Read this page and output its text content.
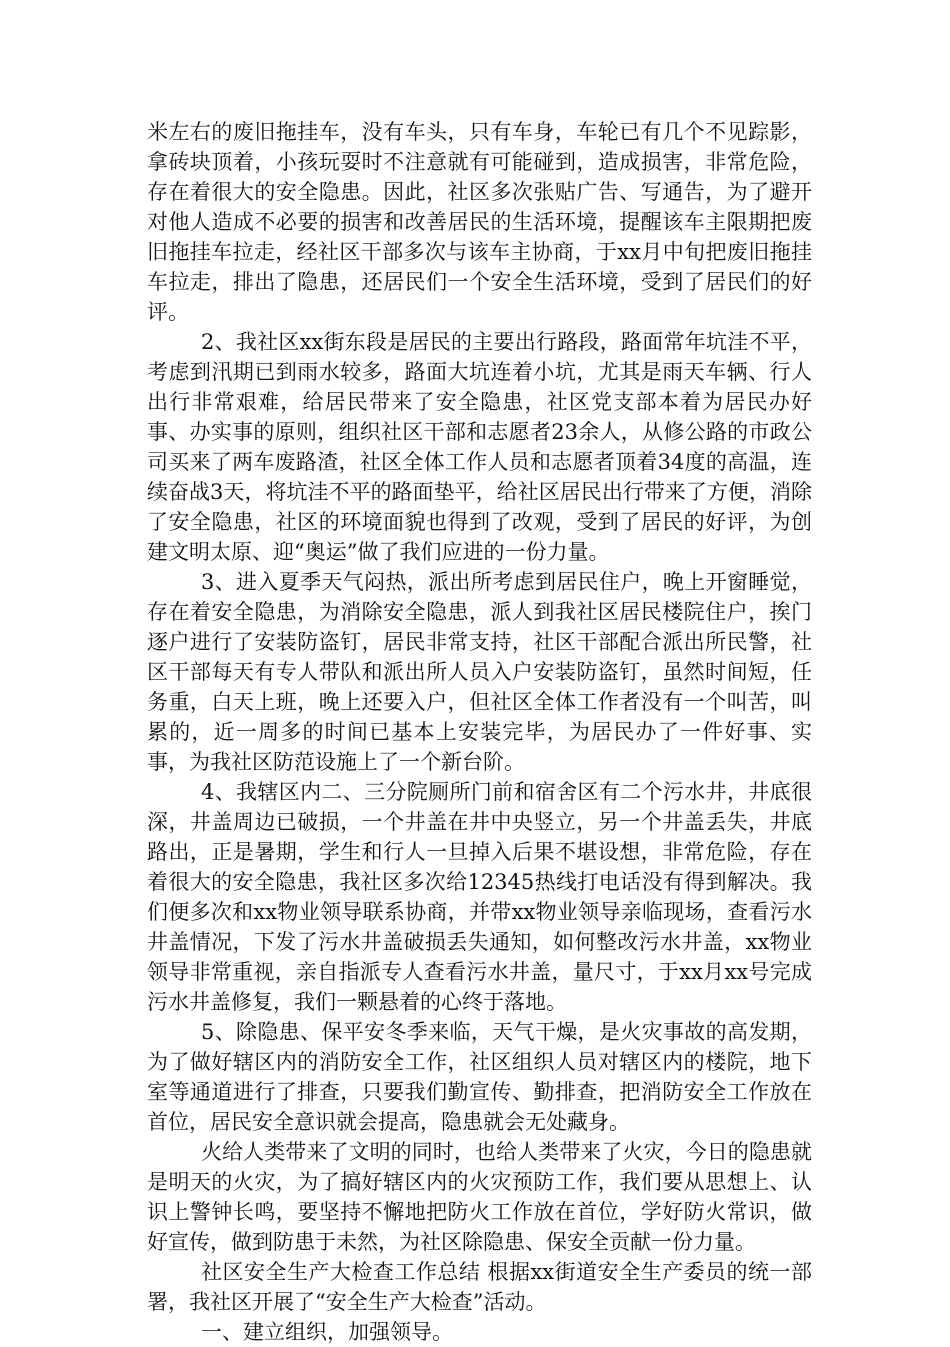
米左右的废旧拖挂车，没有车头，只有车身，车轮已有几个不见踪影，拿砖块顶着，小孩玩耍时不注意就有可能碰到，造成损害，非常危险，存在着很大的安全隐患。因此，社区多次张贴广告、写通告，为了避开对他人造成不必要的损害和改善居民的生活环境，提醒该车主限期把废旧拖挂车拉走，经社区干部多次与该车主协商，于xx月中旬把废旧拖挂车拉走，排出了隐患，还居民们一个安全生活环境，受到了居民们的好评。

2、我社区xx街东段是居民的主要出行路段，路面常年坑洼不平，考虑到汛期已到雨水较多，路面大坑连着小坑，尤其是雨天车辆、行人出行非常艰难，给居民带来了安全隐患，社区党支部本着为居民办好事、办实事的原则，组织社区干部和志愿者23余人，从修公路的市政公司买来了两车废路渣，社区全体工作人员和志愿者顶着34度的高温，连续奋战3天，将坑洼不平的路面垫平，给社区居民出行带来了方便，消除了安全隐患，社区的环境面貌也得到了改观，受到了居民的好评，为创建文明太原、迎“奥运”做了我们应进的一份力量。

3、进入夏季天气闷热，派出所考虑到居民住户，晚上开窗睡觉，存在着安全隐患，为消除安全隐患，派人到我社区居民楼院住户，挨门逐户进行了安装防盗钉，居民非常支持，社区干部配合派出所民警，社区干部每天有专人带队和派出所人员入户安装防盗钉，虽然时间短，任务重，白天上班，晚上还要入户，但社区全体工作者没有一个叫苦，叫累的，近一周多的时间已基本上安装完毕，为居民办了一件好事、实事，为我社区防范设施上了一个新台阶。

4、我辖区内二、三分院厕所门前和宿舍区有二个污水井，井底很深，井盖周边已破损，一个井盖在井中央竖立，另一个井盖丢失，井底路出，正是暑期，学生和行人一旦掉入后果不堪设想，非常危险，存在着很大的安全隐患，我社区多次给12345热线打电话没有得到解决。我们便多次和xx物业领导联系协商，并带xx物业领导亲临现场，查看污水井盖情况，下发了污水井盖破损丢失通知，如何整改污水井盖，xx物业领导非常重视，亲自指派专人查看污水井盖，量尺寸，于xx月xx号完成污水井盖修复，我们一颗悬着的心终于落地。

5、除隐患、保平安冬季来临，天气干燥，是火灾事故的高发期，为了做好辖区内的消防安全工作，社区组织人员对辖区内的楼院，地下室等通道进行了排查，只要我们勤宣传、勤排查，把消防安全工作放在首位，居民安全意识就会提高，隐患就会无处藏身。

火给人类带来了文明的同时，也给人类带来了火灾，今日的隐患就是明天的火灾，为了搞好辖区内的火灾预防工作，我们要从思想上、认识上警钟长鸣，要坚持不懈地把防火工作放在首位，学好防火常识，做好宣传，做到防患于未然，为社区除隐患、保安全贡献一份力量。

社区安全生产大检查工作总结 根据xx街道安全生产委员的统一部署，我社区开展了“安全生产大检查”活动。

一、建立组织，加强领导。
